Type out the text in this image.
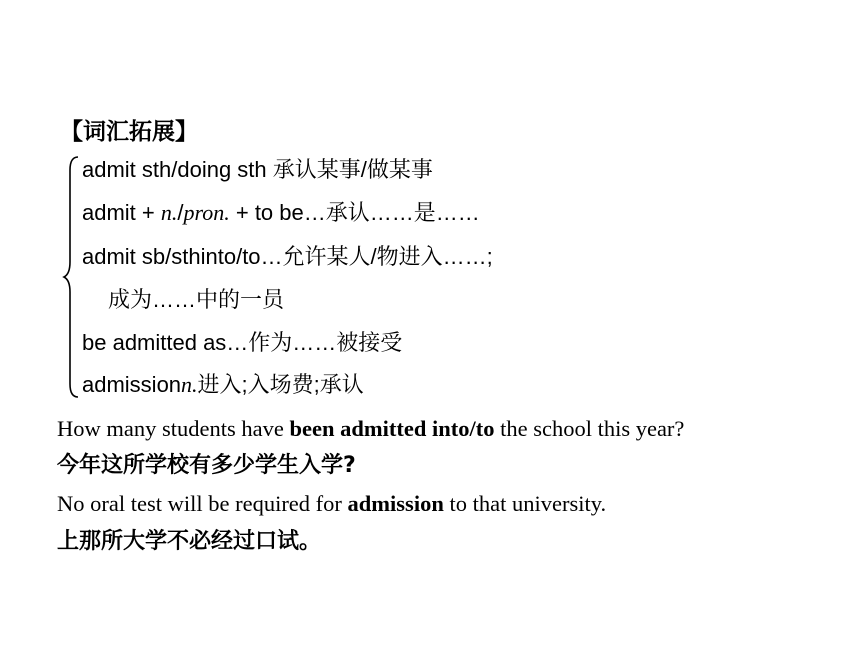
【词汇拓展】
admit sth/doing sth 承认某事/做某事
admit + n./pron. + to be…承认……是……
admit sb/sthinto/to…允许某人/物进入……;
成为……中的一员
be admitted as…作为……被接受
admissionn.进入;入场费;承认
How many students have been admitted into/to the school this year?
今年这所学校有多少学生入学?
No oral test will be required for admission to that university.
上那所大学不必经过口试。
